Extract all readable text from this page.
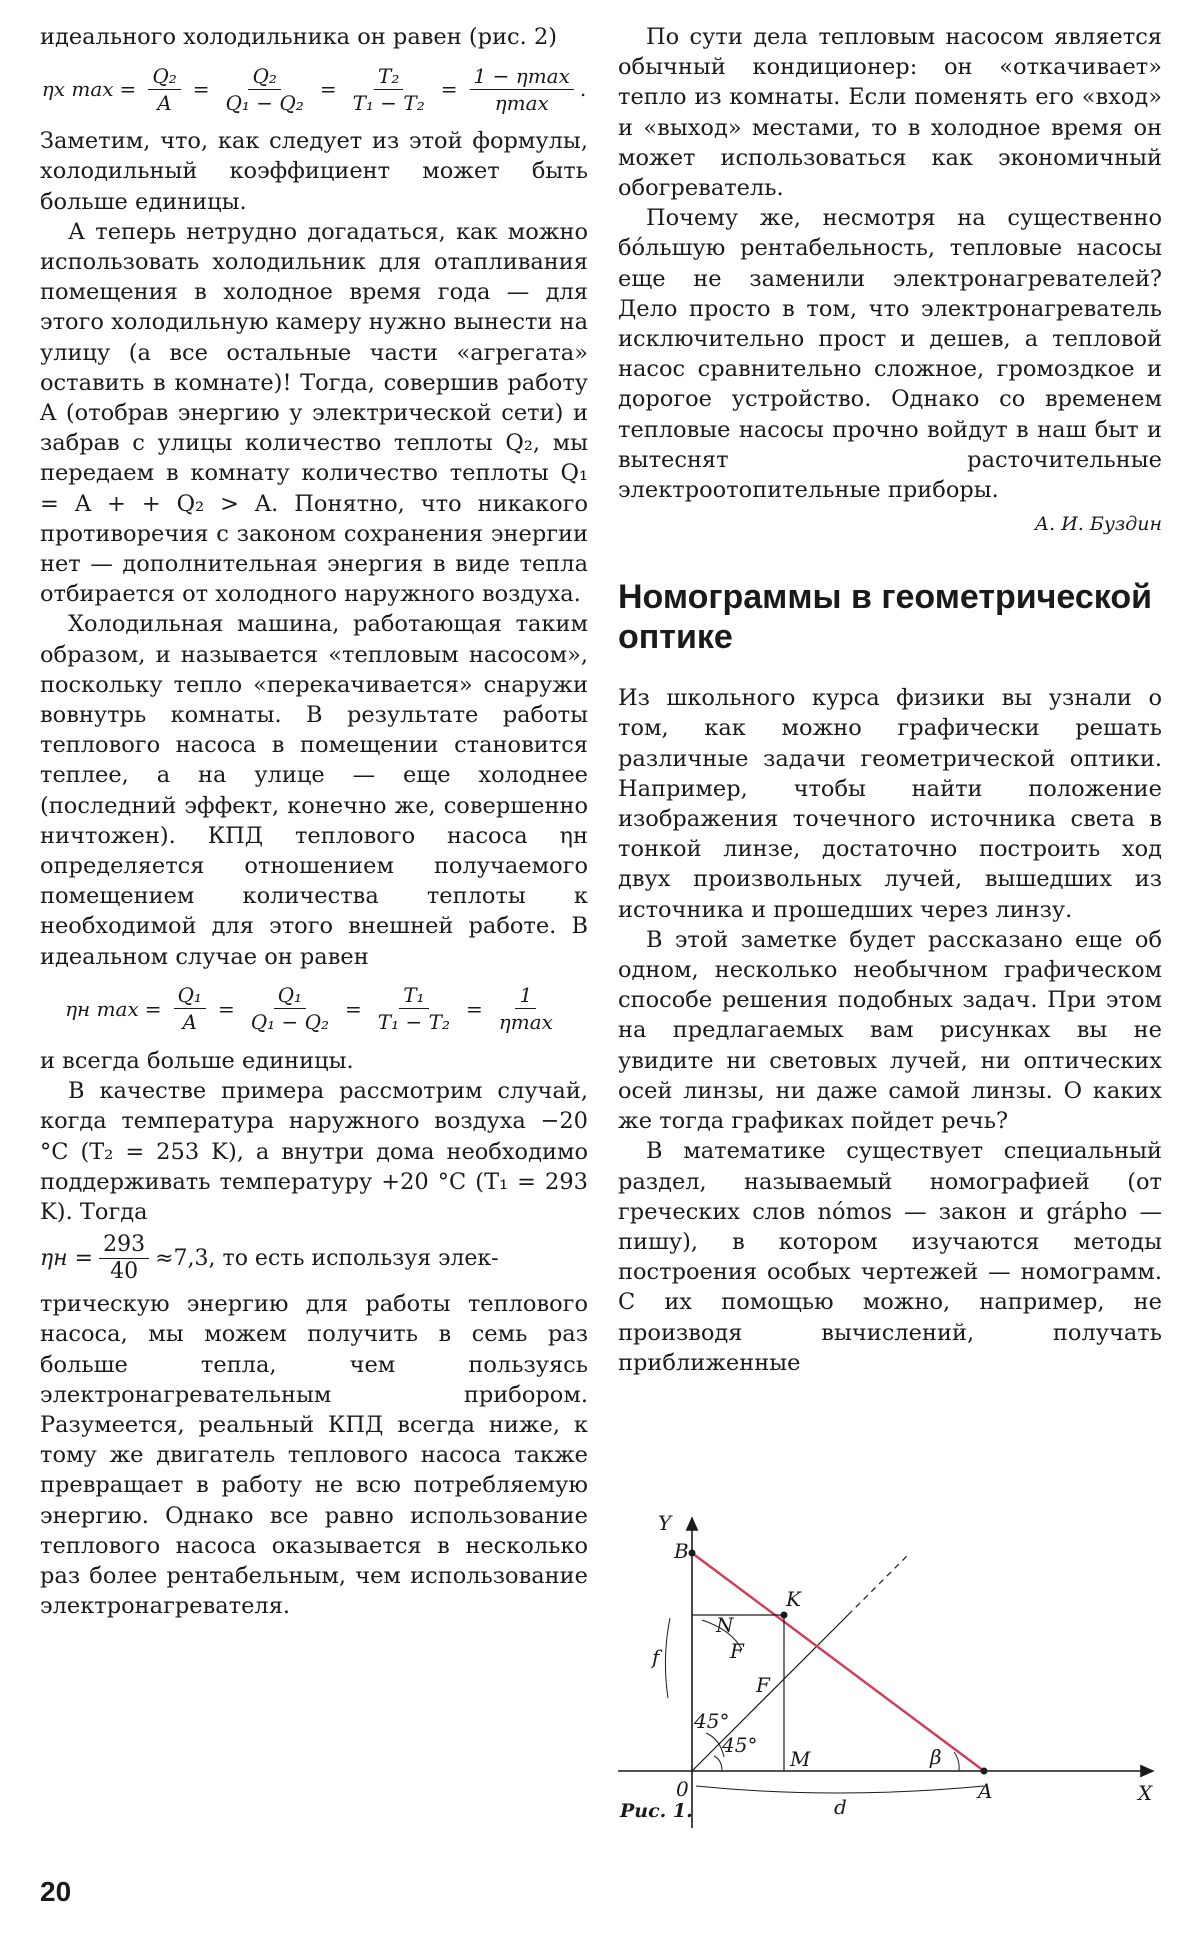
идеального холодильника он равен (рис. 2)

ηх $\max = \frac{\text{Q₂}}{A} = \frac{\text{Q₂}}{\text{Q₁ − Q₂}} = \frac{\text{T₂}}{\text{T₁ − T₂}} = \frac{1 - \eta\max}{\eta\max}$ .

Заметим, что, как следует из этой формулы, холодильный коэффициент может быть больше единицы.

А теперь нетрудно догадаться, как можно использовать холодильник для отапливания помещения в холодное время года — для этого холодильную камеру нужно вынести на улицу (а все остальные части «агрегата» оставить в комнате)! Тогда, совершив работу A (отобрав энергию у электрической сети) и забрав с улицы количество теплоты Q₂, мы передаем в комнату количество теплоты Q₁ = A + + Q₂ > A. Понятно, что никакого противоречия с законом сохранения энергии нет — дополнительная энергия в виде тепла отбирается от холодного наружного воздуха.

Холодильная машина, работающая таким образом, и называется «тепловым насосом», поскольку тепло «перекачивается» снаружи вовнутрь комнаты. В результате работы теплового насоса в помещении становится теплее, а на улице — еще холоднее (последний эффект, конечно же, совершенно ничтожен). КПД теплового насоса ηн определяется отношением получаемого помещением количества теплоты к необходимой для этого внешней работе. В идеальном случае он равен

ηн $\max = \frac{\text{Q₁}}{A} = \frac{\text{Q₁}}{\text{Q₁ − Q₂}} = \frac{\text{T₁}}{\text{T₁ − T₂}} = \frac{1}{\eta\max}$

и всегда больше единицы.

В качестве примера рассмотрим случай, когда температура наружного воздуха −20 °C (T₂ = 253 K), а внутри дома необходимо поддерживать температуру +20 °C (T₁ = 293 K). Тогда

$\eta н = \frac{293}{40} \approx 7,3$, то есть используя элек-

трическую энергию для работы теплового насоса, мы можем получить в семь раз больше тепла, чем пользуясь электронагревательным прибором. Разумеется, реальный КПД всегда ниже, к тому же двигатель теплового насоса также превращает в работу не всю потребляемую энергию. Однако все равно использование теплового насоса оказывается в несколько раз более рентабельным, чем использование электронагревателя.

По сути дела тепловым насосом является обычный кондиционер: он «откачивает» тепло из комнаты. Если поменять его «вход» и «выход» местами, то в холодное время он может использоваться как экономичный обогреватель.

Почему же, несмотря на существенно бо́льшую рентабельность, тепловые насосы еще не заменили электронагревателей? Дело просто в том, что электронагреватель исключительно прост и дешев, а тепловой насос сравнительно сложное, громоздкое и дорогое устройство. Однако со временем тепловые насосы прочно войдут в наш быт и вытеснят расточительные электроотопительные приборы.

А. И. Буздин
Номограммы в геометрической оптике

Из школьного курса физики вы узнали о том, как можно графически решать различные задачи геометрической оптики. Например, чтобы найти положение изображения точечного источника света в тонкой линзе, достаточно построить ход двух произвольных лучей, вышедших из источника и прошедших через линзу.

В этой заметке будет рассказано еще об одном, несколько необычном графическом способе решения подобных задач. При этом на предлагаемых вам рисунках вы не увидите ни световых лучей, ни оптических осей линзы, ни даже самой линзы. О каких же тогда графиках пойдет речь?

В математике существует специальный раздел, называемый номографией (от греческих слов nómos — закон и grápho — пишу), в котором изучаются методы построения особых чертежей — номограмм. С их помощью можно, например, не производя вычислений, получать приближенные

Y
X
B
K
N
M
0	A
f	F
F
45°
45°	β
d
Рис. 1.
20
